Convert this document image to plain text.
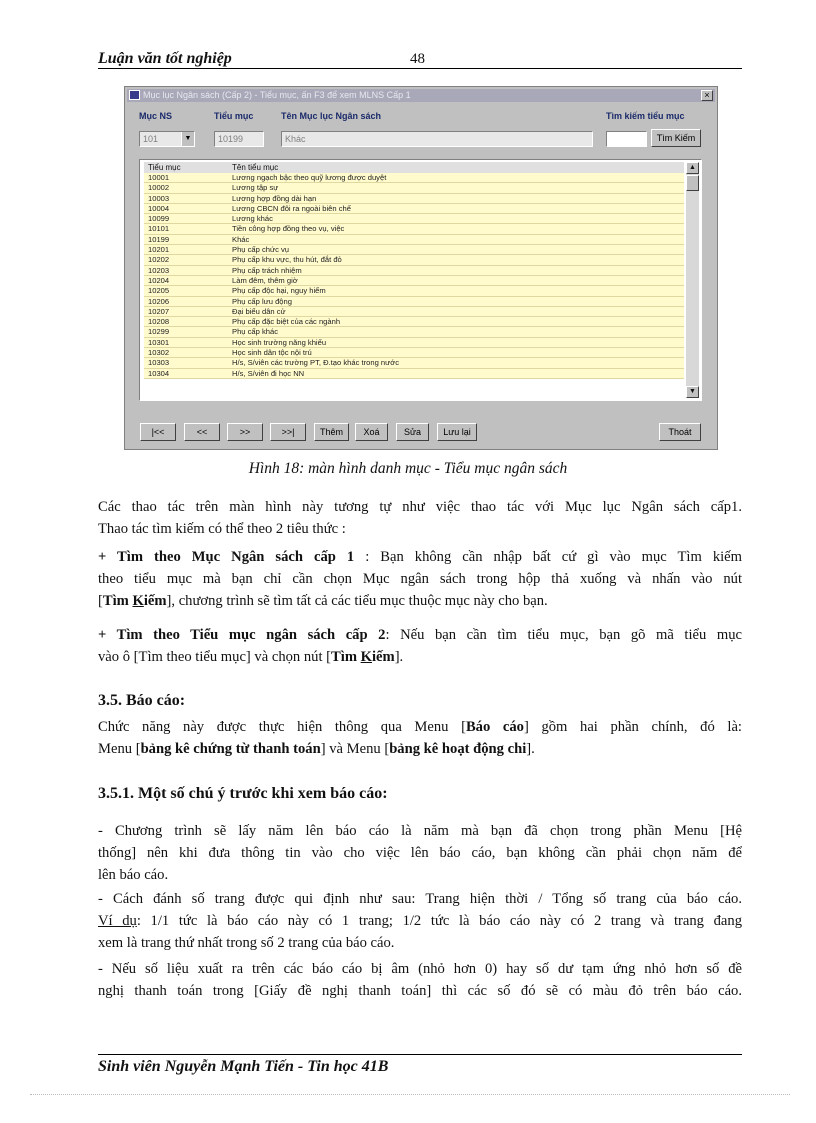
Luận văn tốt nghiệp	48
Mục lục Ngân sách (Cấp 2) - Tiểu mục, ấn F3 để xem MLNS Cấp 1	×
Mục NS	Tiểu mục	Tên Mục lục Ngân sách	Tìm kiếm tiểu mục
101	▼	10199	Khác	Tìm Kiếm
Tiểu mục	Tên tiểu mục
10001	Lương ngạch bậc theo quỹ lương được duyệt
10002	Lương tập sự
10003	Lương hợp đồng dài hạn
10004	Lương CBCN đôi ra ngoài biên chế
10099	Lương khác
10101	Tiền công hợp đồng theo vụ, việc
10199	Khác
10201	Phụ cấp chức vụ
10202	Phụ cấp khu vực, thu hút, đắt đỏ
10203	Phụ cấp trách nhiệm
10204	Làm đêm, thêm giờ
10205	Phụ cấp độc hại, nguy hiểm
10206	Phụ cấp lưu động
10207	Đại biểu dân cử
10208	Phụ cấp đặc biệt của các ngành
10299	Phụ cấp khác
10301	Học sinh trường năng khiếu
10302	Học sinh dân tộc nội trú
10303	H/s, S/viên các trường PT, Đ.tạo khác trong nước
10304	H/s, S/viên đi học NN
▲
▼
|<<	<<	>>	>>|	Thêm	Xoá	Sửa	Lưu lại	Thoát
Hình 18: màn hình danh mục - Tiểu mục ngân sách
Các thao tác trên màn hình này tương tự như việc thao tác với Mục lục Ngân sách cấp1.
Thao tác tìm kiếm có thể theo 2 tiêu thức :
+ Tìm theo Mục Ngân sách cấp 1 : Bạn không cần nhập bất cứ gì vào mục Tìm kiếm
theo tiểu mục mà bạn chỉ cần chọn Mục ngân sách trong hộp thả xuống và nhấn vào nút
[Tìm Kiếm], chương trình sẽ tìm tất cả các tiểu mục thuộc mục này cho bạn.
+ Tìm theo Tiểu mục ngân sách cấp 2: Nếu bạn cần tìm tiểu mục, bạn gõ mã tiểu mục
vào ô [Tìm theo tiểu mục] và chọn nút [Tìm Kiếm].
3.5. Báo cáo:
Chức năng này được thực hiện thông qua Menu [Báo cáo] gồm hai phần chính, đó là:
Menu [bảng kê chứng từ thanh toán] và Menu [bảng kê hoạt động chi].
3.5.1. Một số chú ý trước khi xem báo cáo:
- Chương trình sẽ lấy năm lên báo cáo là năm mà bạn đã chọn trong phần Menu [Hệ
thống] nên khi đưa thông tin vào cho việc lên báo cáo, bạn không cần phải chọn năm để
lên báo cáo.
- Cách đánh số trang được qui định như sau: Trang hiện thời / Tổng số trang của báo cáo.
Ví dụ: 1/1 tức là báo cáo này có 1 trang; 1/2 tức là báo cáo này có 2 trang và trang đang
xem là trang thứ nhất trong số 2 trang của báo cáo.
- Nếu số liệu xuất ra trên các báo cáo bị âm (nhỏ hơn 0) hay số dư tạm ứng nhỏ hơn số đề
nghị thanh toán trong [Giấy đề nghị thanh toán] thì các số đó sẽ có màu đỏ trên báo cáo.
Sinh viên Nguyễn Mạnh Tiến - Tin học 41B
